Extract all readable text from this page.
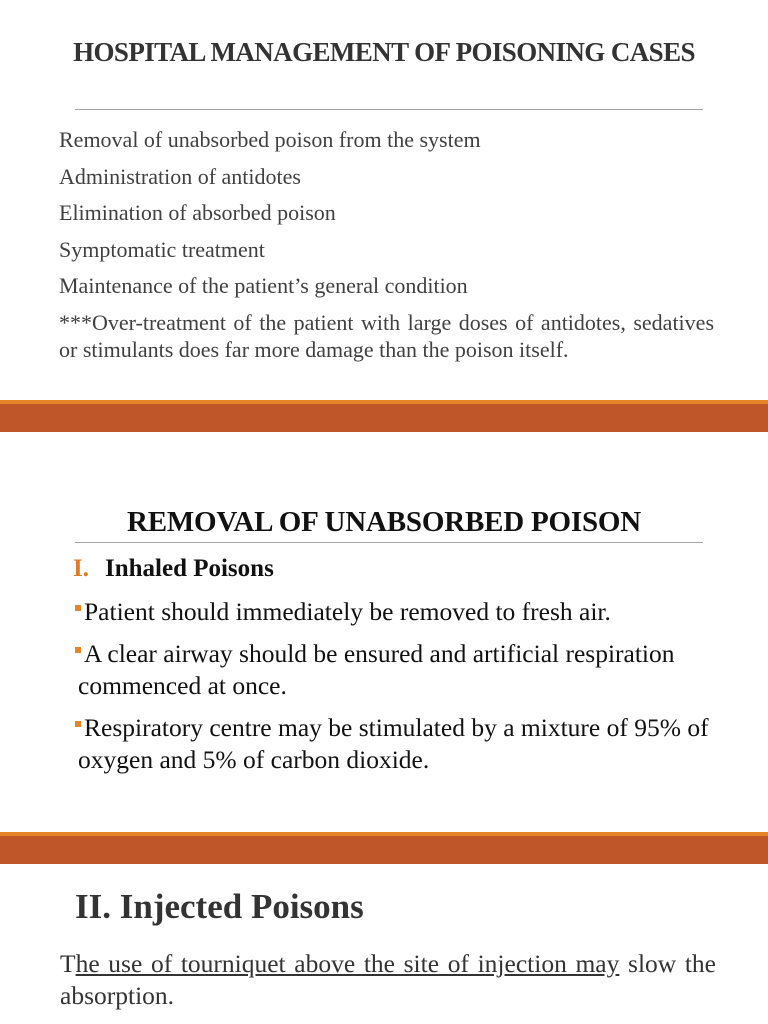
HOSPITAL MANAGEMENT OF POISONING CASES
Removal of unabsorbed poison from the system
Administration of antidotes
Elimination of absorbed poison
Symptomatic treatment
Maintenance of the patient’s general condition
***Over-treatment of the patient with large doses of antidotes, sedatives or stimulants does far more damage than the poison itself.
REMOVAL OF UNABSORBED POISON
I. Inhaled Poisons
Patient should immediately be removed to fresh air.
A clear airway should be ensured and artificial respiration commenced at once.
Respiratory centre may be stimulated by a mixture of 95% of oxygen and 5% of carbon dioxide.
II. Injected Poisons

The use of tourniquet above the site of injection may slow the absorption.
